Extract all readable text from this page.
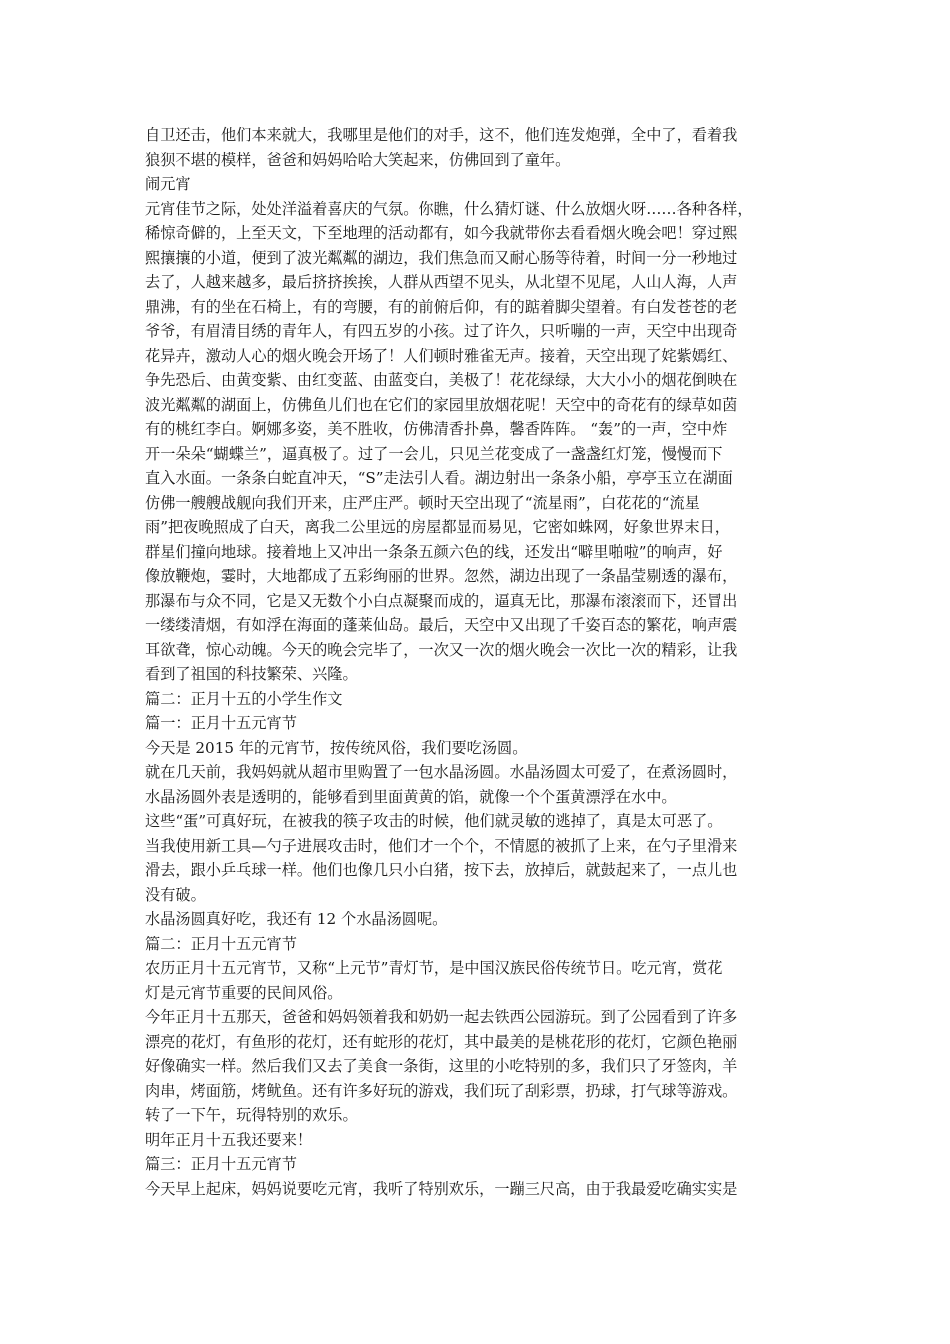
自卫还击，他们本来就大，我哪里是他们的对手，这不，他们连发炮弹，全中了，看着我
狼狈不堪的模样，爸爸和妈妈哈哈大笑起来，仿佛回到了童年。
闹元宵
元宵佳节之际，处处洋溢着喜庆的气氛。你瞧，什么猜灯谜、什么放烟火呀……各种各样，
稀惊奇僻的，上至天文，下至地理的活动都有，如今我就带你去看看烟火晚会吧！穿过熙
熙攘攘的小道，便到了波光粼粼的湖边，我们焦急而又耐心肠等待着，时间一分一秒地过
去了，人越来越多，最后挤挤挨挨，人群从西望不见头，从北望不见尾，人山人海，人声
鼎沸，有的坐在石椅上，有的弯腰，有的前俯后仰，有的踮着脚尖望着。有白发苍苍的老
爷爷，有眉清目绣的青年人，有四五岁的小孩。过了许久，只听嘣的一声，天空中出现奇
花异卉，激动人心的烟火晚会开场了！人们顿时雅雀无声。接着，天空出现了姹紫嫣红、
争先恐后、由黄变紫、由红变蓝、由蓝变白，美极了！花花绿绿，大大小小的烟花倒映在
波光粼粼的湖面上，仿佛鱼儿们也在它们的家园里放烟花呢！天空中的奇花有的绿草如茵
有的桃红李白。婀娜多姿，美不胜收，仿佛清香扑鼻，馨香阵阵。 “轰”的一声，空中炸
开一朵朵“蝴蝶兰”，逼真极了。过了一会儿，只见兰花变成了一盏盏红灯笼，慢慢而下
直入水面。一条条白蛇直冲天，“S”走法引人看。湖边射出一条条小船，亭亭玉立在湖面
仿佛一艘艘战舰向我们开来，庄严庄严。顿时天空出现了“流星雨”，白花花的“流星
雨”把夜晚照成了白天，离我二公里远的房屋都显而易见，它密如蛛网，好象世界末日，
群星们撞向地球。接着地上又冲出一条条五颜六色的线，还发出“噼里啪啦”的响声，好
像放鞭炮，霎时，大地都成了五彩绚丽的世界。忽然，湖边出现了一条晶莹剔透的瀑布，
那瀑布与众不同，它是又无数个小白点凝聚而成的，逼真无比，那瀑布滚滚而下，还冒出
一缕缕清烟，有如浮在海面的蓬莱仙岛。最后，天空中又出现了千姿百态的繁花，响声震
耳欲聋，惊心动魄。今天的晚会完毕了，一次又一次的烟火晚会一次比一次的精彩，让我
看到了祖国的科技繁荣、兴隆。
篇二：正月十五的小学生作文
篇一：正月十五元宵节
今天是 2015 年的元宵节，按传统风俗，我们要吃汤圆。
就在几天前，我妈妈就从超市里购置了一包水晶汤圆。水晶汤圆太可爱了，在煮汤圆时，
水晶汤圆外表是透明的，能够看到里面黄黄的馅，就像一个个蛋黄漂浮在水中。
这些“蛋”可真好玩，在被我的筷子攻击的时候，他们就灵敏的逃掉了，真是太可恶了。
当我使用新工具—勺子进展攻击时，他们才一个个，不情愿的被抓了上来，在勺子里滑来
滑去，跟小乒乓球一样。他们也像几只小白猪，按下去，放掉后，就鼓起来了，一点儿也
没有破。
水晶汤圆真好吃，我还有 12 个水晶汤圆呢。
篇二：正月十五元宵节
农历正月十五元宵节，又称“上元节”青灯节，是中国汉族民俗传统节日。吃元宵，赏花
灯是元宵节重要的民间风俗。
今年正月十五那天，爸爸和妈妈领着我和奶奶一起去铁西公园游玩。到了公园看到了许多
漂亮的花灯，有鱼形的花灯，还有蛇形的花灯，其中最美的是桃花形的花灯，它颜色艳丽
好像确实一样。然后我们又去了美食一条街，这里的小吃特别的多，我们只了牙签肉，羊
肉串，烤面筋，烤鱿鱼。还有许多好玩的游戏，我们玩了刮彩票，扔球，打气球等游戏。
转了一下午，玩得特别的欢乐。
明年正月十五我还要来！
篇三：正月十五元宵节
今天早上起床，妈妈说要吃元宵，我听了特别欢乐，一蹦三尺高，由于我最爱吃确实实是
